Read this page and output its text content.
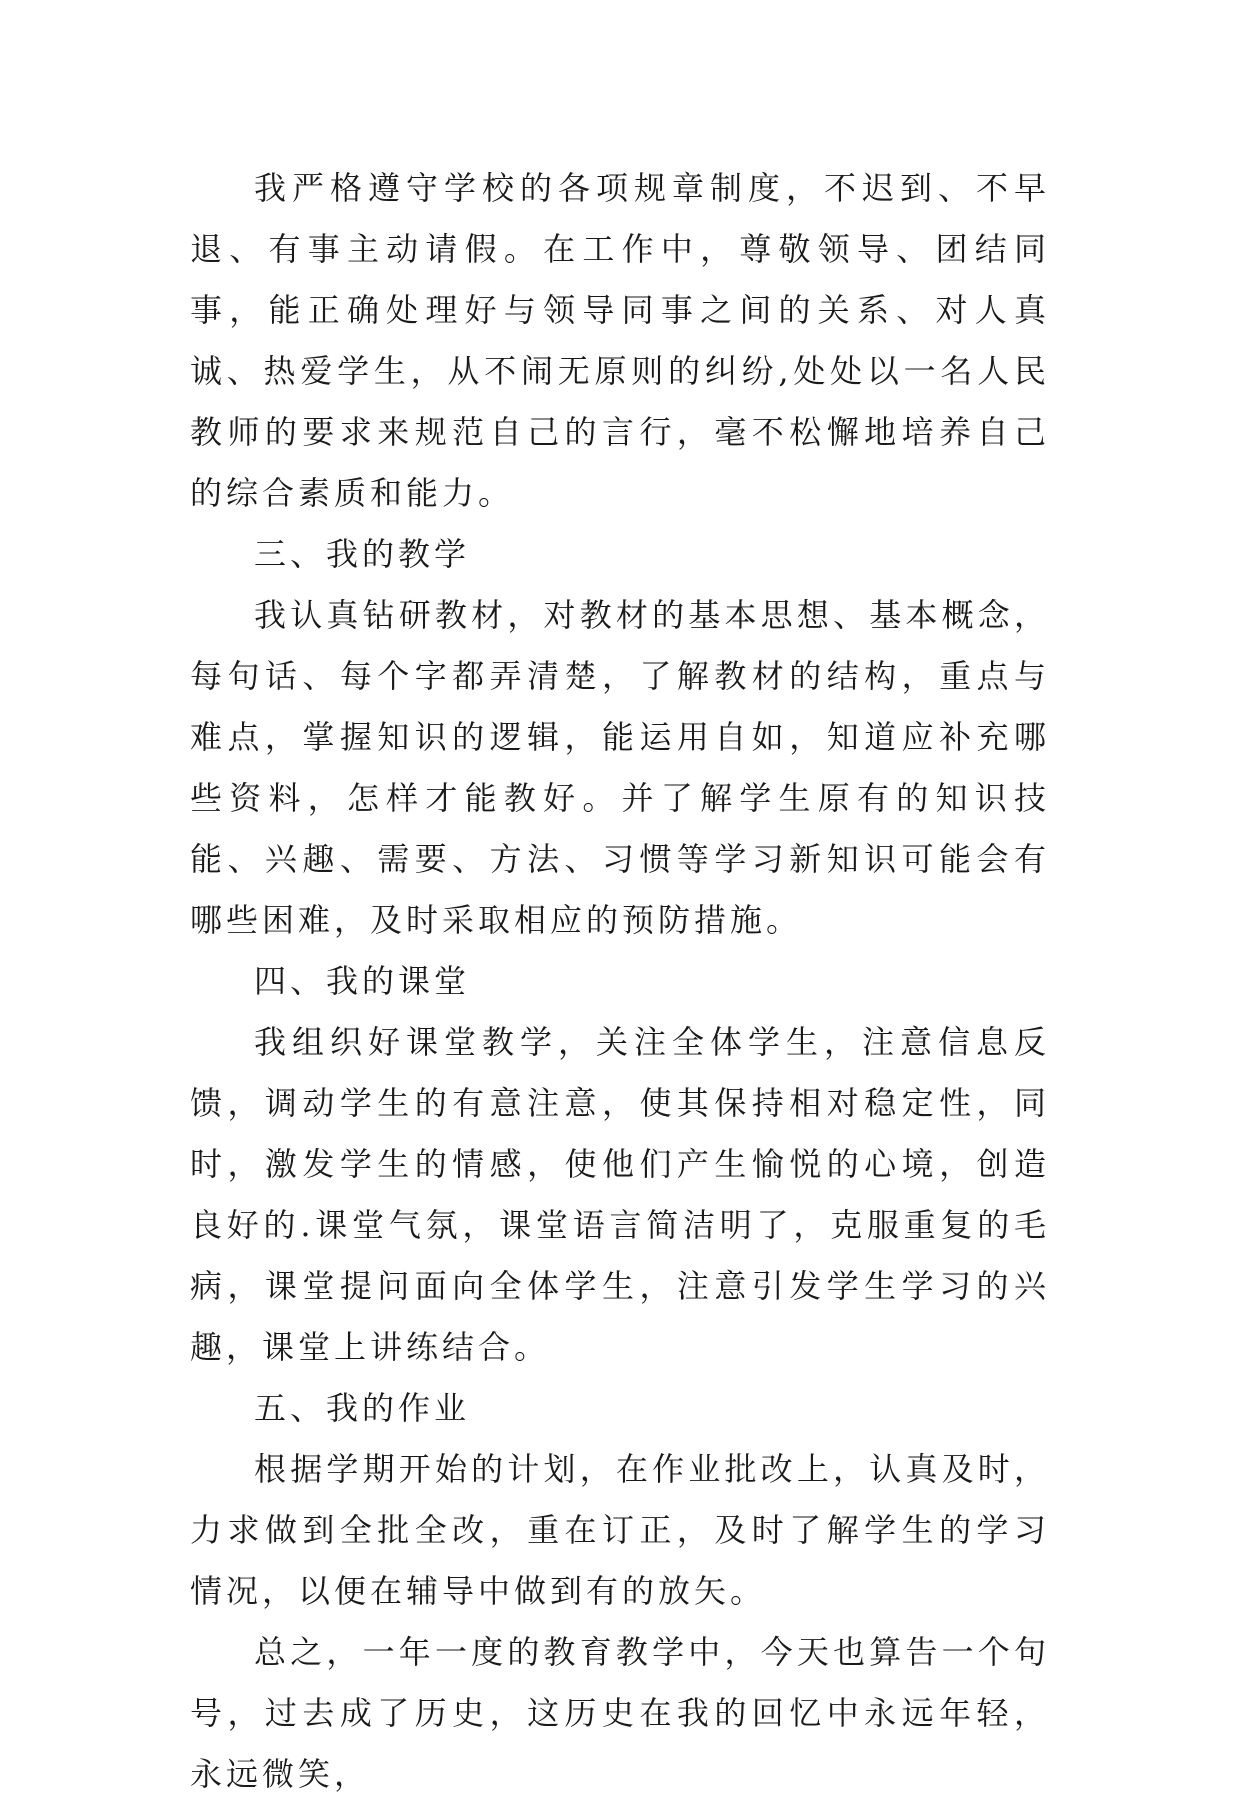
我严格遵守学校的各项规章制度，不迟到、不早退、有事主动请假。在工作中，尊敬领导、团结同事，能正确处理好与领导同事之间的关系、对人真诚、热爱学生，从不闹无原则的纠纷,处处以一名人民教师的要求来规范自己的言行，毫不松懈地培养自己的综合素质和能力。

三、我的教学

我认真钻研教材，对教材的基本思想、基本概念，每句话、每个字都弄清楚，了解教材的结构，重点与难点，掌握知识的逻辑，能运用自如，知道应补充哪些资料，怎样才能教好。并了解学生原有的知识技能、兴趣、需要、方法、习惯等学习新知识可能会有哪些困难，及时采取相应的预防措施。

四、我的课堂

我组织好课堂教学，关注全体学生，注意信息反馈，调动学生的有意注意，使其保持相对稳定性，同时，激发学生的情感，使他们产生愉悦的心境，创造良好的.课堂气氛，课堂语言简洁明了，克服重复的毛病，课堂提问面向全体学生，注意引发学生学习的兴趣，课堂上讲练结合。

五、我的作业

根据学期开始的计划，在作业批改上，认真及时，力求做到全批全改，重在订正，及时了解学生的学习情况，以便在辅导中做到有的放矢。

总之，一年一度的教育教学中，今天也算告一个句号，过去成了历史，这历史在我的回忆中永远年轻，永远微笑，
